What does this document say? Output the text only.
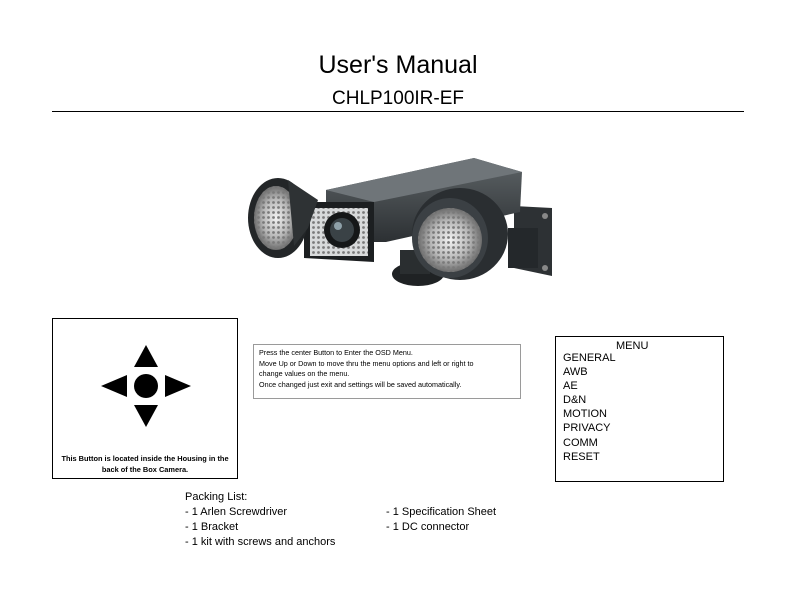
User's Manual
CHLP100IR-EF
This Button is located inside the Housing in the back of the Box Camera.
Press the center Button to Enter the OSD Menu.
Move Up or Down to move thru the menu options and left or right to
change values on the menu.
Once changed just exit and settings will be saved automatically.
MENU
GENERAL
AWB
AE
D&N
MOTION
PRIVACY
COMM
RESET
Packing List:
- 1 Arlen Screwdriver
- 1 Bracket
- 1 kit with screws and anchors
- 1 Specification Sheet
- 1 DC connector
